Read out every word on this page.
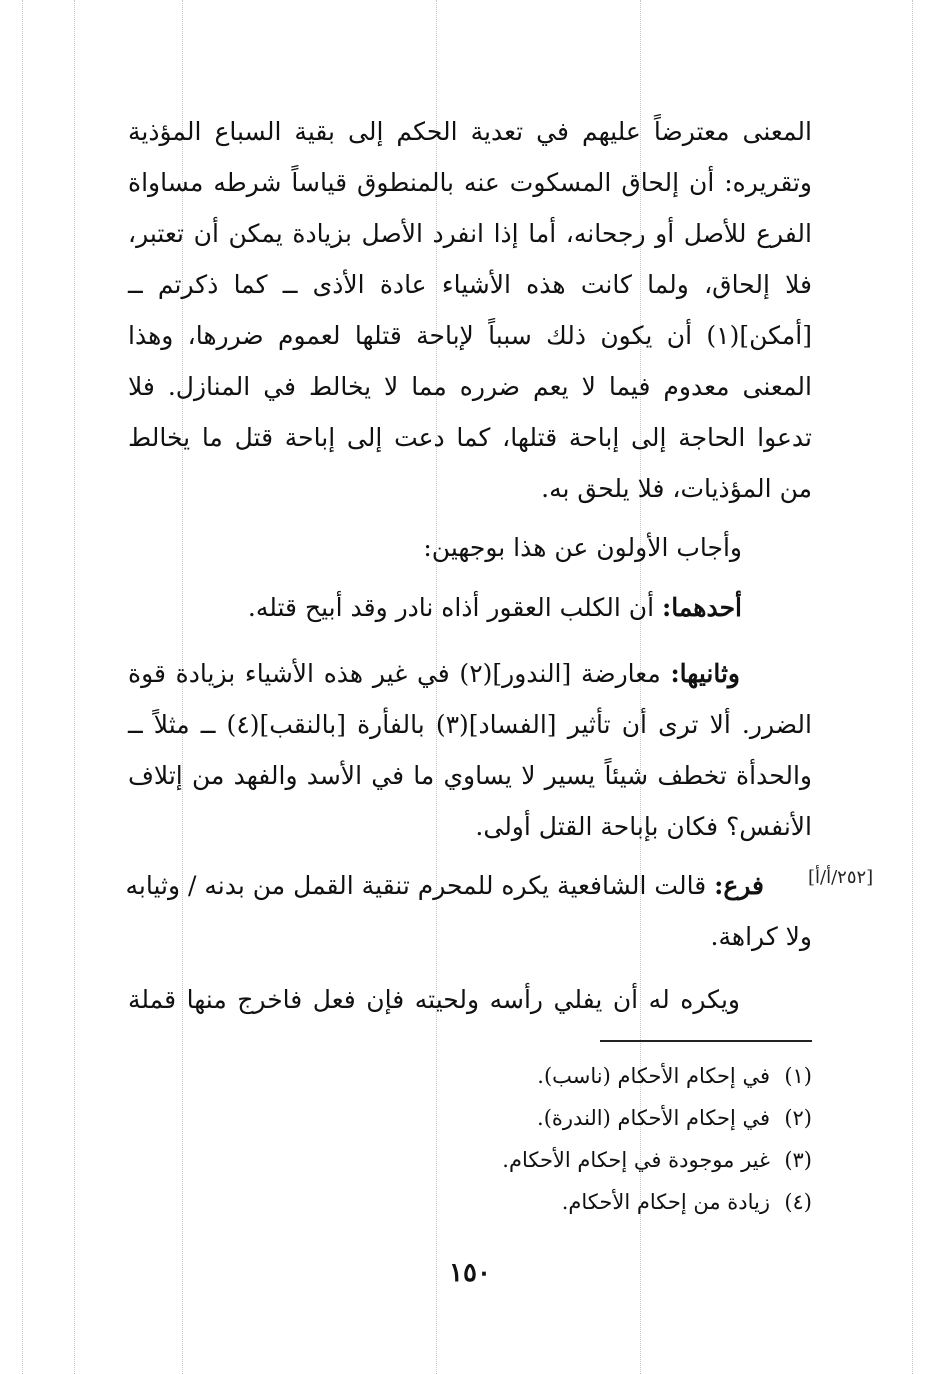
المعنى معترضاً عليهم في تعدية الحكم إلى بقية السباع المؤذية
وتقريره: أن إلحاق المسكوت عنه بالمنطوق قياساً شرطه مساواة
الفرع للأصل أو رجحانه، أما إذا انفرد الأصل بزيادة يمكن أن تعتبر،
فلا إلحاق، ولما كانت هذه الأشياء عادة الأذى ــ كما ذكرتم ــ
[أمكن](١) أن يكون ذلك سبباً لإباحة قتلها لعموم ضررها، وهذا
المعنى معدوم فيما لا يعم ضرره مما لا يخالط في المنازل. فلا
تدعوا الحاجة إلى إباحة قتلها، كما دعت إلى إباحة قتل ما يخالط
من المؤذيات، فلا يلحق به.
وأجاب الأولون عن هذا بوجهين:
أحدهما: أن الكلب العقور أذاه نادر وقد أبيح قتله.
وثانيها: معارضة [الندور](٢) في غير هذه الأشياء بزيادة قوة
الضرر. ألا ترى أن تأثير [الفساد](٣) بالفأرة [بالنقب](٤) ــ مثلاً ــ
والحدأة تخطف شيئاً يسير لا يساوي ما في الأسد والفهد من إتلاف
الأنفس؟ فكان بإباحة القتل أولى.
[٢٥٢/أ/أ]
فرع: قالت الشافعية يكره للمحرم تنقية القمل من بدنه / وثيابه
ولا كراهة.
ويكره له أن يفلي رأسه ولحيته فإن فعل فاخرج منها قملة
(١)في إحكام الأحكام (ناسب).
(٢)في إحكام الأحكام (الندرة).
(٣)غير موجودة في إحكام الأحكام.
(٤)زيادة من إحكام الأحكام.
١٥٠
